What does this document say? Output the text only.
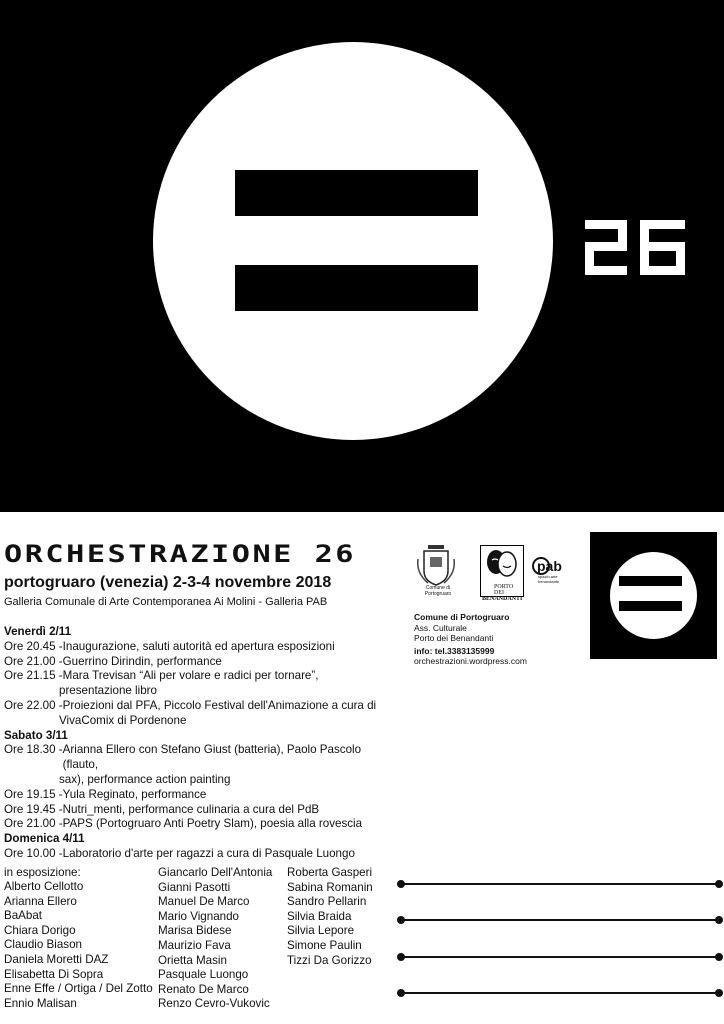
ORCHESTRAZIONE 26
portogruaro (venezia) 2-3-4 novembre 2018
Galleria Comunale di Arte Contemporanea Ai Molini - Galleria PAB
Venerdì 2/11
Ore 20.45 - Inaugurazione, saluti autorità ed apertura esposizioni
Ore 21.00 - Guerrino Dirindin, performance
Ore 21.15 - Mara Trevisan “Ali per volare e radici per tornare”,
presentazione libro
Ore 22.00 - Proiezioni dal PFA, Piccolo Festival dell'Animazione a cura di
VivaComix di Pordenone
Sabato 3/11
Ore 18.30 - Arianna Ellero con Stefano Giust (batteria), Paolo Pascolo (flauto,
sax), performance action painting
Ore 19.15 - Yula Reginato, performance
Ore 19.45 - Nutri_menti, performance culinaria a cura del PdB
Ore 21.00 - PAPS (Portogruaro Anti Poetry Slam), poesia alla rovescia
Domenica 4/11
Ore 10.00 - Laboratorio d'arte per ragazzi a cura di Pasquale Luongo
in esposizione:
Alberto Cellotto
Arianna Ellero
BaAbat
Chiara Dorigo
Claudio Biason
Daniela Moretti DAZ
Elisabetta Di Sopra
Enne Effe / Ortiga / Del Zotto
Ennio Malisan
Giancarlo Dell'Antonia
Gianni Pasotti
Manuel De Marco
Mario Vignando
Marisa Bidese
Maurizio Fava
Orietta Masin
Pasquale Luongo
Renato De Marco
Renzo Cevro-Vukovic
Roberta Gasperi
Sabina Romanin
Sandro Pellarin
Silvia Braida
Silvia Lepore
Simone Paulin
Tizzi Da Gorizzo
Comune di Portogruaro
PORTO DEI
BENANDANTI
pab
spazio arte benandante
Comune di Portogruaro
Ass. Culturale
Porto dei Benandanti
info: tel.3383135999
orchestrazioni.wordpress.com
